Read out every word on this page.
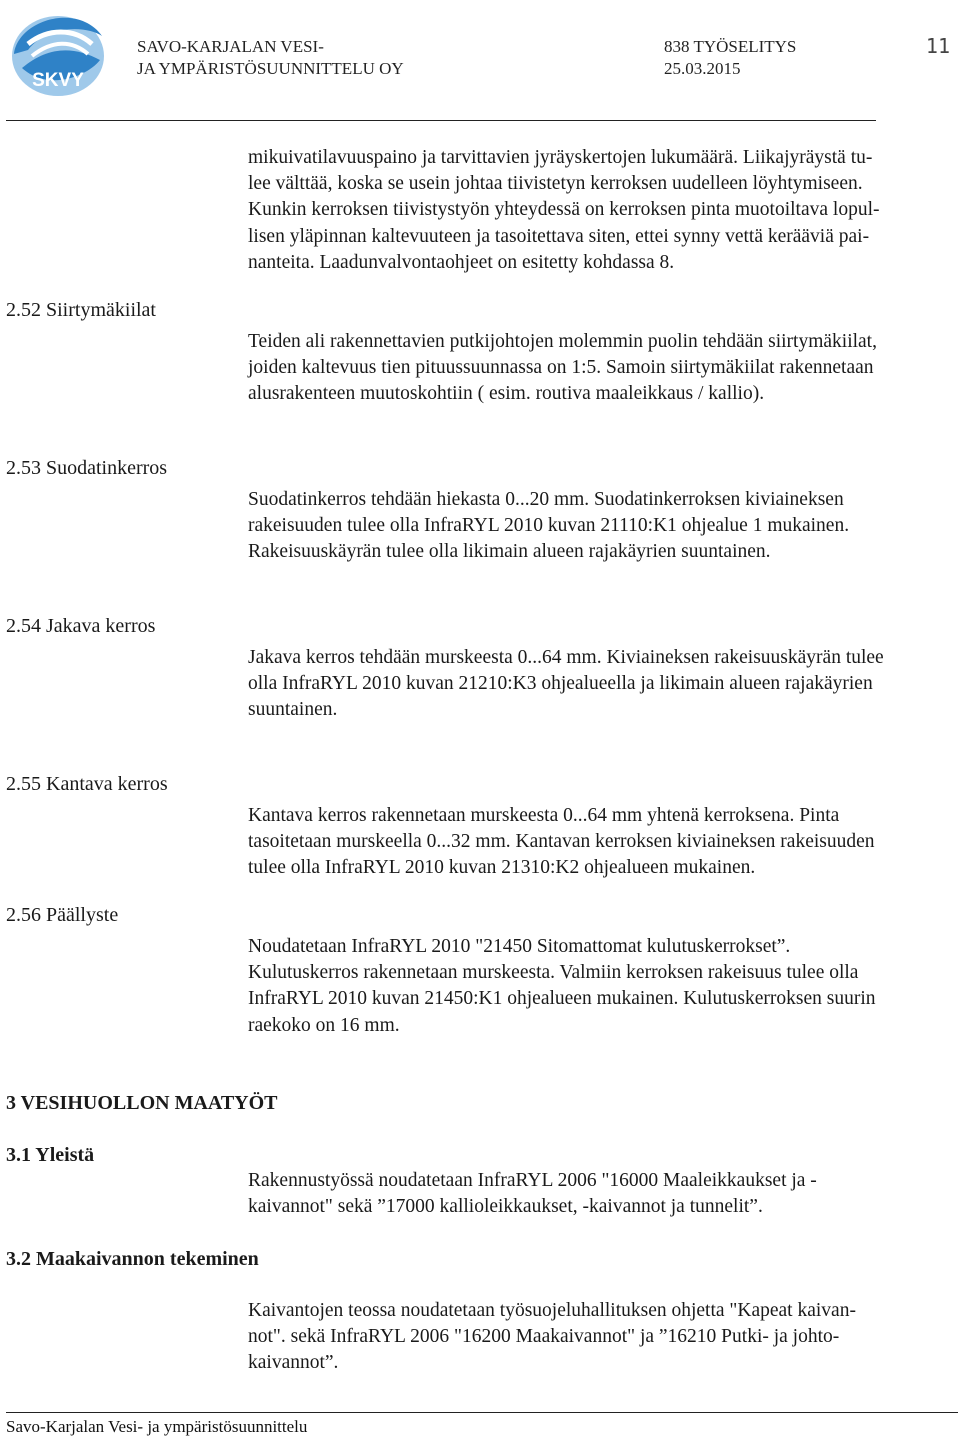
SKVY
SAVO-KARJALAN VESI-
JA YMPÄRISTÖSUUNNITTELU OY
838 TYÖSELITYS
25.03.2015
11
mikuivatilavuuspaino ja tarvittavien jyräyskertojen lukumäärä. Liikajyräystä tu-
lee välttää, koska se usein johtaa tiivistetyn kerroksen uudelleen löyhtymiseen.
Kunkin kerroksen tiivistystyön yhteydessä on kerroksen pinta muotoiltava lopul-
lisen yläpinnan kaltevuuteen ja tasoitettava siten, ettei synny vettä kerääviä pai-
nanteita. Laadunvalvontaohjeet on esitetty kohdassa 8.
2.52 Siirtymäkiilat
Teiden ali rakennettavien putkijohtojen molemmin puolin tehdään siirtymäkiilat,
joiden kaltevuus tien pituussuunnassa on 1:5. Samoin siirtymäkiilat rakennetaan
alusrakenteen muutoskohtiin ( esim. routiva maaleikkaus / kallio).
2.53 Suodatinkerros
Suodatinkerros tehdään hiekasta 0...20 mm. Suodatinkerroksen kiviaineksen
rakeisuuden tulee olla InfraRYL 2010 kuvan 21110:K1 ohjealue 1 mukainen.
Rakeisuuskäyrän tulee olla likimain alueen rajakäyrien suuntainen.
2.54 Jakava kerros
Jakava kerros tehdään murskeesta 0...64 mm. Kiviaineksen rakeisuuskäyrän tulee
olla InfraRYL 2010 kuvan 21210:K3 ohjealueella ja likimain alueen rajakäyrien
suuntainen.
2.55 Kantava kerros
Kantava kerros rakennetaan murskeesta 0...64 mm yhtenä kerroksena. Pinta
tasoitetaan murskeella 0...32 mm. Kantavan kerroksen kiviaineksen rakeisuuden
tulee olla InfraRYL 2010 kuvan 21310:K2 ohjealueen mukainen.
2.56 Päällyste
Noudatetaan InfraRYL 2010 "21450 Sitomattomat kulutuskerrokset”.
Kulutuskerros rakennetaan murskeesta. Valmiin kerroksen rakeisuus tulee olla
InfraRYL 2010 kuvan 21450:K1 ohjealueen mukainen. Kulutuskerroksen suurin
raekoko on 16 mm.
3 VESIHUOLLON MAATYÖT
3.1 Yleistä
Rakennustyössä noudatetaan InfraRYL 2006 "16000 Maaleikkaukset ja -
kaivannot" sekä ”17000 kallioleikkaukset, -kaivannot ja tunnelit”.
3.2 Maakaivannon tekeminen
Kaivantojen teossa noudatetaan työsuojeluhallituksen ohjetta "Kapeat kaivan-
not". sekä InfraRYL 2006 "16200 Maakaivannot" ja ”16210 Putki- ja johto-
kaivannot”.
Savo-Karjalan Vesi- ja ympäristösuunnittelu
